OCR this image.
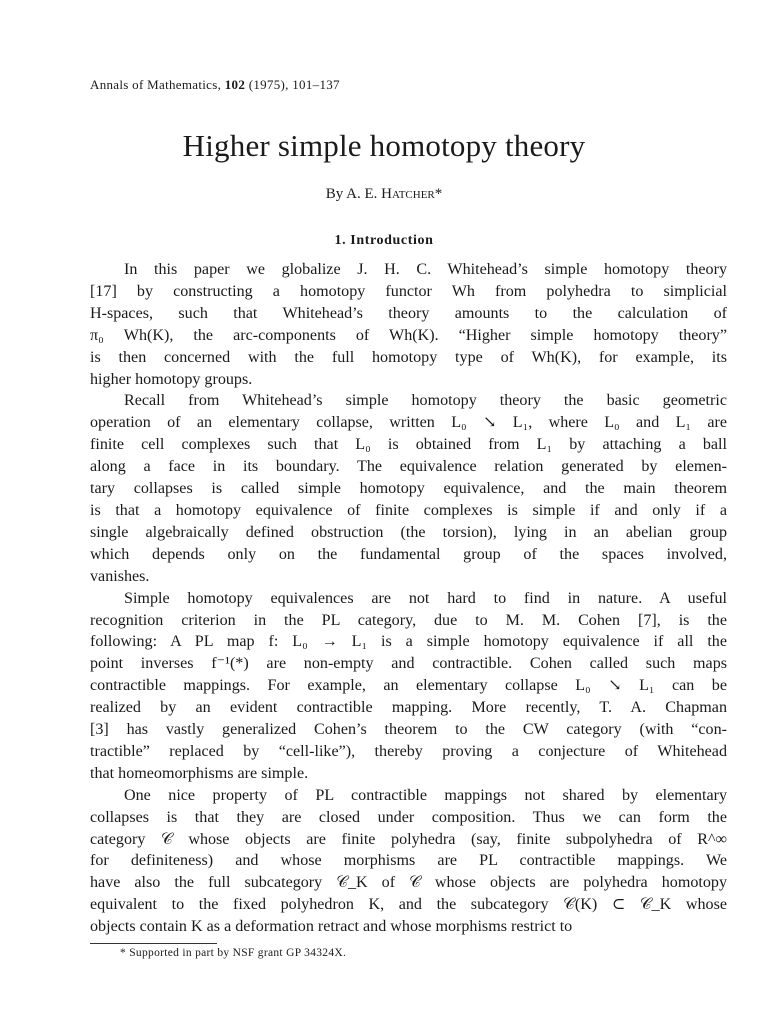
Annals of Mathematics, 102 (1975), 101–137
Higher simple homotopy theory
By A. E. Hatcher*
1. Introduction
In this paper we globalize J. H. C. Whitehead’s simple homotopy theory
[17] by constructing a homotopy functor Wh from polyhedra to simplicial
H-spaces, such that Whitehead’s theory amounts to the calculation of
π₀ Wh(K), the arc-components of Wh(K). “Higher simple homotopy theory”
is then concerned with the full homotopy type of Wh(K), for example, its
higher homotopy groups.
Recall from Whitehead’s simple homotopy theory the basic geometric
operation of an elementary collapse, written L₀ ↘ L₁, where L₀ and L₁ are
finite cell complexes such that L₀ is obtained from L₁ by attaching a ball
along a face in its boundary. The equivalence relation generated by elemen-
tary collapses is called simple homotopy equivalence, and the main theorem
is that a homotopy equivalence of finite complexes is simple if and only if a
single algebraically defined obstruction (the torsion), lying in an abelian group
which depends only on the fundamental group of the spaces involved,
vanishes.
Simple homotopy equivalences are not hard to find in nature. A useful
recognition criterion in the PL category, due to M. M. Cohen [7], is the
following: A PL map f: L₀ → L₁ is a simple homotopy equivalence if all the
point inverses f⁻¹(*) are non-empty and contractible. Cohen called such maps
contractible mappings. For example, an elementary collapse L₀ ↘ L₁ can be
realized by an evident contractible mapping. More recently, T. A. Chapman
[3] has vastly generalized Cohen’s theorem to the CW category (with “con-
tractible” replaced by “cell-like”), thereby proving a conjecture of Whitehead
that homeomorphisms are simple.
One nice property of PL contractible mappings not shared by elementary
collapses is that they are closed under composition. Thus we can form the
category 𝒞 whose objects are finite polyhedra (say, finite subpolyhedra of R^∞
for definiteness) and whose morphisms are PL contractible mappings. We
have also the full subcategory 𝒞_K of 𝒞 whose objects are polyhedra homotopy
equivalent to the fixed polyhedron K, and the subcategory 𝒞(K) ⊂ 𝒞_K whose
objects contain K as a deformation retract and whose morphisms restrict to
* Supported in part by NSF grant GP 34324X.
